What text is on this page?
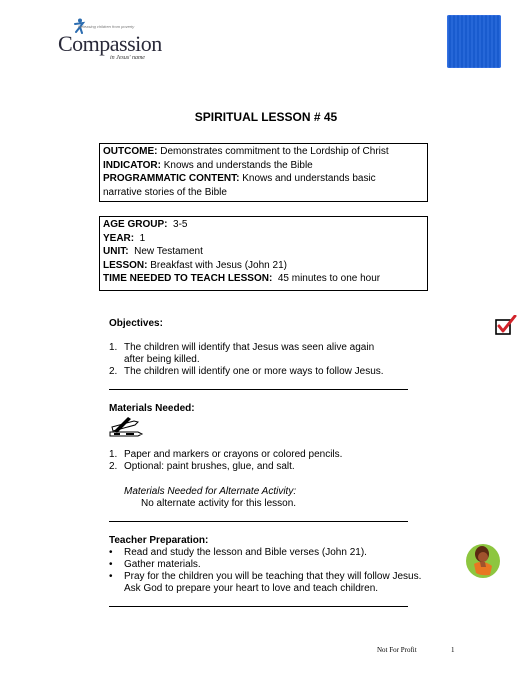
Releasing children from poverty
Compassion
in Jesus' name
SPIRITUAL LESSON # 45
OUTCOME: Demonstrates commitment to the Lordship of Christ
INDICATOR: Knows and understands the Bible
PROGRAMMATIC CONTENT: Knows and understands basic
narrative stories of the Bible
AGE GROUP:  3-5
YEAR:  1
UNIT:  New Testament
LESSON: Breakfast with Jesus (John 21)
TIME NEEDED TO TEACH LESSON:  45 minutes to one hour
Objectives:
1. The children will identify that Jesus was seen alive again
after being killed.
2. The children will identify one or more ways to follow Jesus.
Materials Needed:
1. Paper and markers or crayons or colored pencils.
2. Optional: paint brushes, glue, and salt.
Materials Needed for Alternate Activity:
No alternate activity for this lesson.
Teacher Preparation:
•	Read and study the lesson and Bible verses (John 21).
•	Gather materials.
•	Pray for the children you will be teaching that they will follow Jesus.
Ask God to prepare your heart to love and teach children.
Not For Profit	1
